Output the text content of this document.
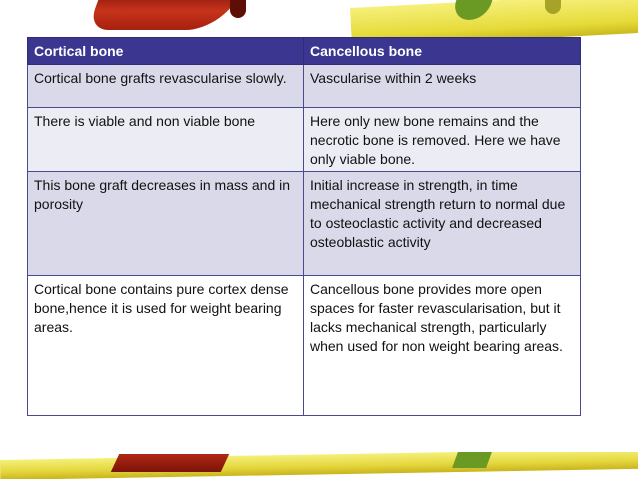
Cortical bone	Cancellous bone
Cortical bone grafts revascularise slowly.	Vascularise within 2 weeks
There is viable and non viable bone	Here only new bone remains and the necrotic bone is removed. Here we have only viable bone.
This bone graft decreases in mass and in porosity	Initial increase in strength, in time mechanical strength return to normal due to osteoclastic activity and decreased osteoblastic activity
Cortical bone contains pure cortex dense bone,hence it is used for weight bearing areas.	Cancellous bone provides more open spaces for faster revascularisation, but it lacks mechanical strength, particularly when used for non weight bearing areas.
